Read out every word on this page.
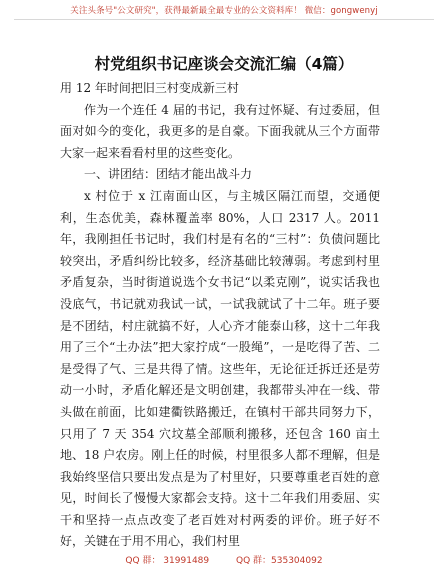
关注头条号"公文研究"，获得最新最全最专业的公文资料库！ 微信：gongwenyj
村党组织书记座谈会交流汇编（4篇）

用 12 年时间把旧三村变成新三村

作为一个连任 4 届的书记，我有过怀疑、有过委屈，但面对如今的变化，我更多的是自豪。下面我就从三个方面带大家一起来看看村里的这些变化。

一、讲团结：团结才能出战斗力

x 村位于 x 江南面山区，与主城区隔江而望，交通便利，生态优美，森林覆盖率 80%，人口 2317 人。2011 年，我刚担任书记时，我们村是有名的“三村”：负债问题比较突出，矛盾纠纷比较多，经济基础比较薄弱。考虑到村里矛盾复杂，当时街道说选个女书记“以柔克刚”，说实话我也没底气，书记就劝我试一试，一试我就试了十二年。班子要是不团结，村庄就搞不好，人心齐才能泰山移，这十二年我用了三个“土办法”把大家拧成“一股绳”，一是吃得了苦、二是受得了气、三是共得了情。这些年，无论征迁拆迁还是劳动一小时，矛盾化解还是文明创建，我都带头冲在一线、带头做在前面，比如建衢铁路搬迁，在镇村干部共同努力下，只用了 7 天 354 穴坟墓全部顺利搬移，还包含 160 亩土地、18 户农房。刚上任的时候，村里很多人都不理解，但是我始终坚信只要出发点是为了村里好，只要尊重老百姓的意见，时间长了慢慢大家都会支持。这十二年我们用委屈、实干和坚持一点点改变了老百姓对村两委的评价。班子好不好，关键在于用不用心，我们村里

QQ 群： 31991489	QQ 群：535304092
